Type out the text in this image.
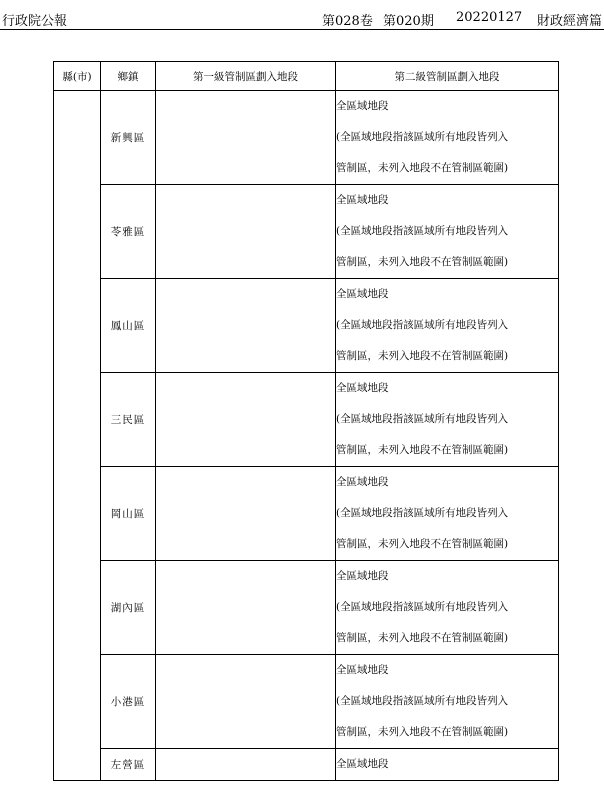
行政院公報	第028卷 第020期 20220127 財政經濟篇
縣(市)	鄉鎮	第一級管制區劃入地段	第二級管制區劃入地段
	新興區		全區域地段
(全區域地段指該區域所有地段皆列入
管制區，未列入地段不在管制區範圍)

	苓雅區		全區域地段
(全區域地段指該區域所有地段皆列入
管制區，未列入地段不在管制區範圍)

	鳳山區		全區域地段
(全區域地段指該區域所有地段皆列入
管制區，未列入地段不在管制區範圍)

	三民區		全區域地段
(全區域地段指該區域所有地段皆列入
管制區，未列入地段不在管制區範圍)

	岡山區		全區域地段
(全區域地段指該區域所有地段皆列入
管制區，未列入地段不在管制區範圍)

	湖內區		全區域地段
(全區域地段指該區域所有地段皆列入
管制區，未列入地段不在管制區範圍)

	小港區		全區域地段
(全區域地段指該區域所有地段皆列入
管制區，未列入地段不在管制區範圍)

	左營區		全區域地段
